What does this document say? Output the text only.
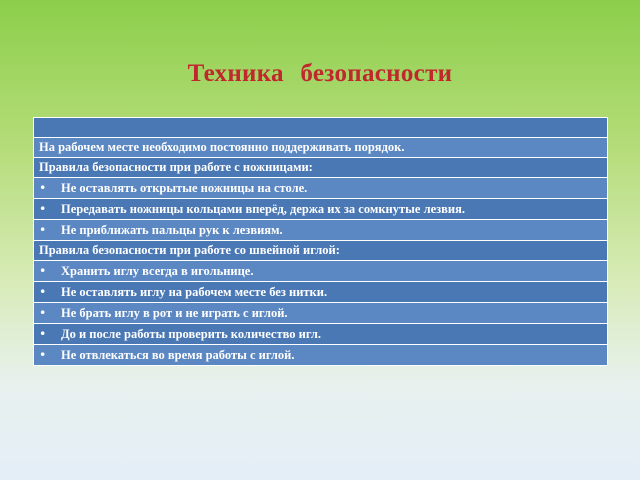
Техника безопасности

На рабочем месте необходимо постоянно поддерживать порядок.
Правила безопасности при работе с ножницами:
• Не оставлять открытые ножницы на столе.
• Передавать ножницы кольцами вперёд, держа их за сомкнутые лезвия.
• Не приближать пальцы рук к лезвиям.
Правила безопасности при работе со швейной иглой:
• Хранить иглу всегда в игольнице.
• Не оставлять иглу на рабочем месте без нитки.
• Не брать иглу в рот и не играть с иглой.
• До и после работы проверить количество игл.
• Не отвлекаться во время работы с иглой.
